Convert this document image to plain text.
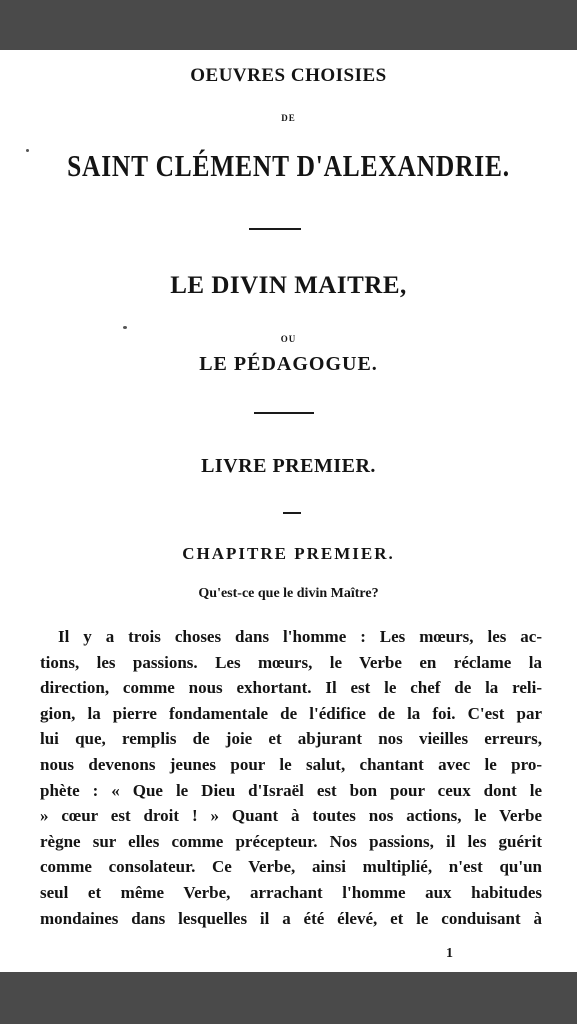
OEUVRES CHOISIES
DE
SAINT CLÉMENT D'ALEXANDRIE.
LE DIVIN MAITRE,
OU
LE PÉDAGOGUE.
LIVRE PREMIER.
CHAPITRE PREMIER.
Qu'est-ce que le divin Maître?
Il y a trois choses dans l'homme : Les mœurs, les ac-
tions, les passions. Les mœurs, le Verbe en réclame la
direction, comme nous exhortant. Il est le chef de la reli-
gion, la pierre fondamentale de l'édifice de la foi. C'est par
lui que, remplis de joie et abjurant nos vieilles erreurs,
nous devenons jeunes pour le salut, chantant avec le pro-
phète : « Que le Dieu d'Israël est bon pour ceux dont le
» cœur est droit ! » Quant à toutes nos actions, le Verbe
règne sur elles comme précepteur. Nos passions, il les guérit
comme consolateur. Ce Verbe, ainsi multiplié, n'est qu'un
seul et même Verbe, arrachant l'homme aux habitudes
mondaines dans lesquelles il a été élevé, et le conduisant à
1
